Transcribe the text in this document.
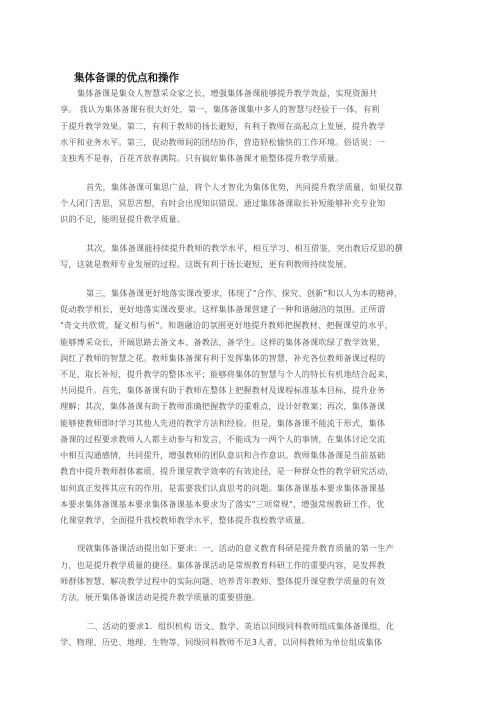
集体备课的优点和操作
集体备课是集众人智慧采众家之长，增强集体备课能够提升教学效益，实现资源共
享。 我认为集体备课有很大好处，第一，集体备课集中多人的智慧与经验于一体，有利
于提升教学效果。第二，有利于教师的扬长避短，有利于教师在高起点上发展，提升教学
水平和业务水平。第三，促动教师间的团结协作，营造轻松愉快的工作环境。俗话说：一
支独秀不是春，百花齐放春满院。只有搞好集体备课才能整体提升教学质量。
首先，集体备课可集思广益，将个人才智化为集体优势，共同提升教学质量，如果仅靠
个人闭门苦思，冥思苦想，有时会出现知识错误。通过集体备课取长补短能够补充专业知
识的不足，能明显提升教学质量。
其次，集体备课能持续提升教师的教学水平，相互学习、相互借鉴，突出教后反思的撰
写，这就是教师专业发展的过程。这既有利于扬长避短，更有利教师持续发展。
第三，集体备课更好地落实课改要求，体现了"合作、探究、创新"和以人为本的精神，
促动教学相长，更好地落实课改要求。这样集体备课营建了一种和谐融洽的氛围。正所谓
"奇文共欣赏，疑义相与析"。和谐融洽的氛围更好地提升教师把握教材、把握课堂的水平，
能够博采众长，开阔思路去备文本、备教法、备学生。这样的集体备课吹绿了教学效果，
润红了教师的智慧之花。教师集体备课有利于发挥集体的智慧，补充各位教师备课过程的
不足，取长补短，提升教学的整体水平；能够将集体的智慧与个人的特长有机地结合起来，
共同提升。首先，集体备课有助于教师在整体上把握教材及课程标准基本目标，提升业务
理解；其次，集体备课有助于教师准确把握教学的重难点，设计好教案；再次，集体备课
能够使教师即时学习其他人先进的教学方法和经验。但是，集体备课不能流于形式，集体
备课的过程要求教师人人都主动参与和发言，不能成为一两个人的事情，在集体讨论交流
中相互沟通感情，共同提升，增强教师的团队意识和合作意识。教师集体备课是当前基础
教育中提升教师群体素质、提升课堂教学效率的有效途径，是一种群众性的教学研究活动，
如何真正发挥其应有的作用，是需要我们认真思考的问题。集体备课基本要求集体备课基
本要求集体备课基本要求集体备课基本要求为了落实"三项常规"，增强常规教研工作，优
化课堂教学，全面提升我校教师教学水平，整体提升我校教学质量。
现就集体备课活动提出如下要求：一、活动的意义教育科研是提升教育质量的第一生产
力，也是提升教学质量的捷径。集体备课活动是常规教育科研工作的重要内容，是发挥教
师群体智慧、解决教学过程中的实际问题、培养青年教师、整体提升课堂教学质量的有效
方法，展开集体备课活动是提升教学质量的重要措施。
二、活动的要求1．组织机构 语文、数学、英语以同级同科教师组成集体备课组，化
学、物理、历史、地理、生物等，同级同科教师不足3人者，以同科教师为单位组成集体
